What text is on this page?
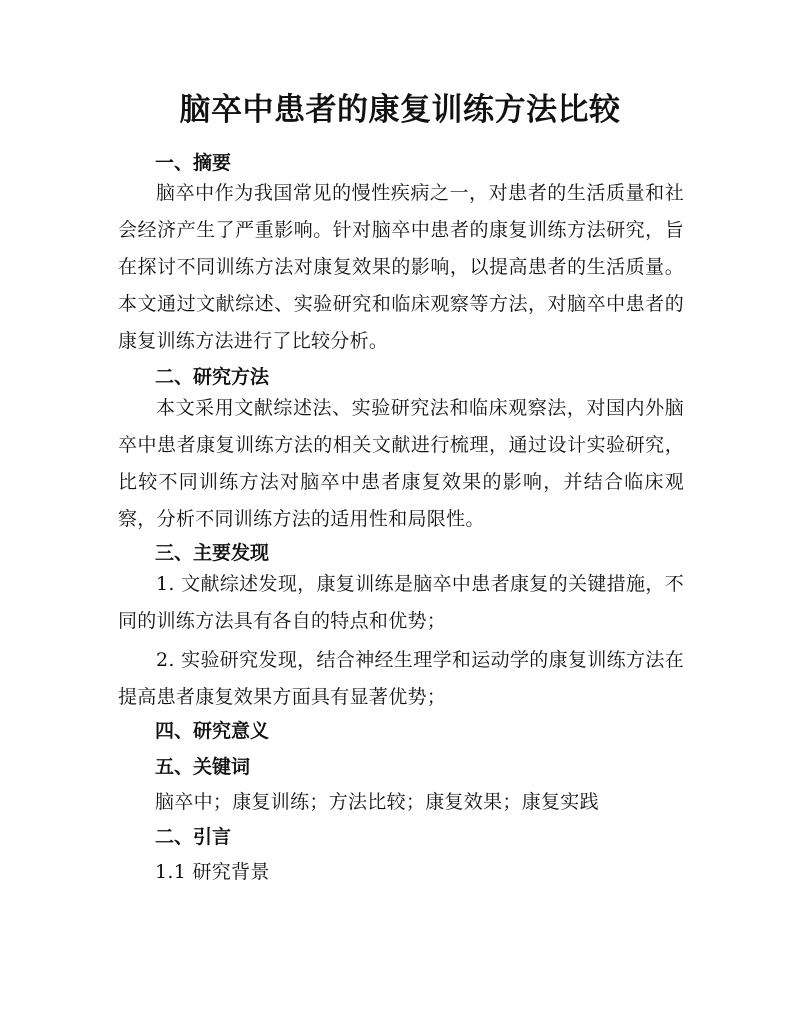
脑卒中患者的康复训练方法比较
一、摘要
脑卒中作为我国常见的慢性疾病之一，对患者的生活质量和社会经济产生了严重影响。针对脑卒中患者的康复训练方法研究，旨在探讨不同训练方法对康复效果的影响，以提高患者的生活质量。本文通过文献综述、实验研究和临床观察等方法，对脑卒中患者的康复训练方法进行了比较分析。
二、研究方法
本文采用文献综述法、实验研究法和临床观察法，对国内外脑卒中患者康复训练方法的相关文献进行梳理，通过设计实验研究，比较不同训练方法对脑卒中患者康复效果的影响，并结合临床观察，分析不同训练方法的适用性和局限性。
三、主要发现
1. 文献综述发现，康复训练是脑卒中患者康复的关键措施，不同的训练方法具有各自的特点和优势；
2. 实验研究发现，结合神经生理学和运动学的康复训练方法在提高患者康复效果方面具有显著优势；
四、研究意义
五、关键词
脑卒中；康复训练；方法比较；康复效果；康复实践
二、引言
1.1 研究背景
